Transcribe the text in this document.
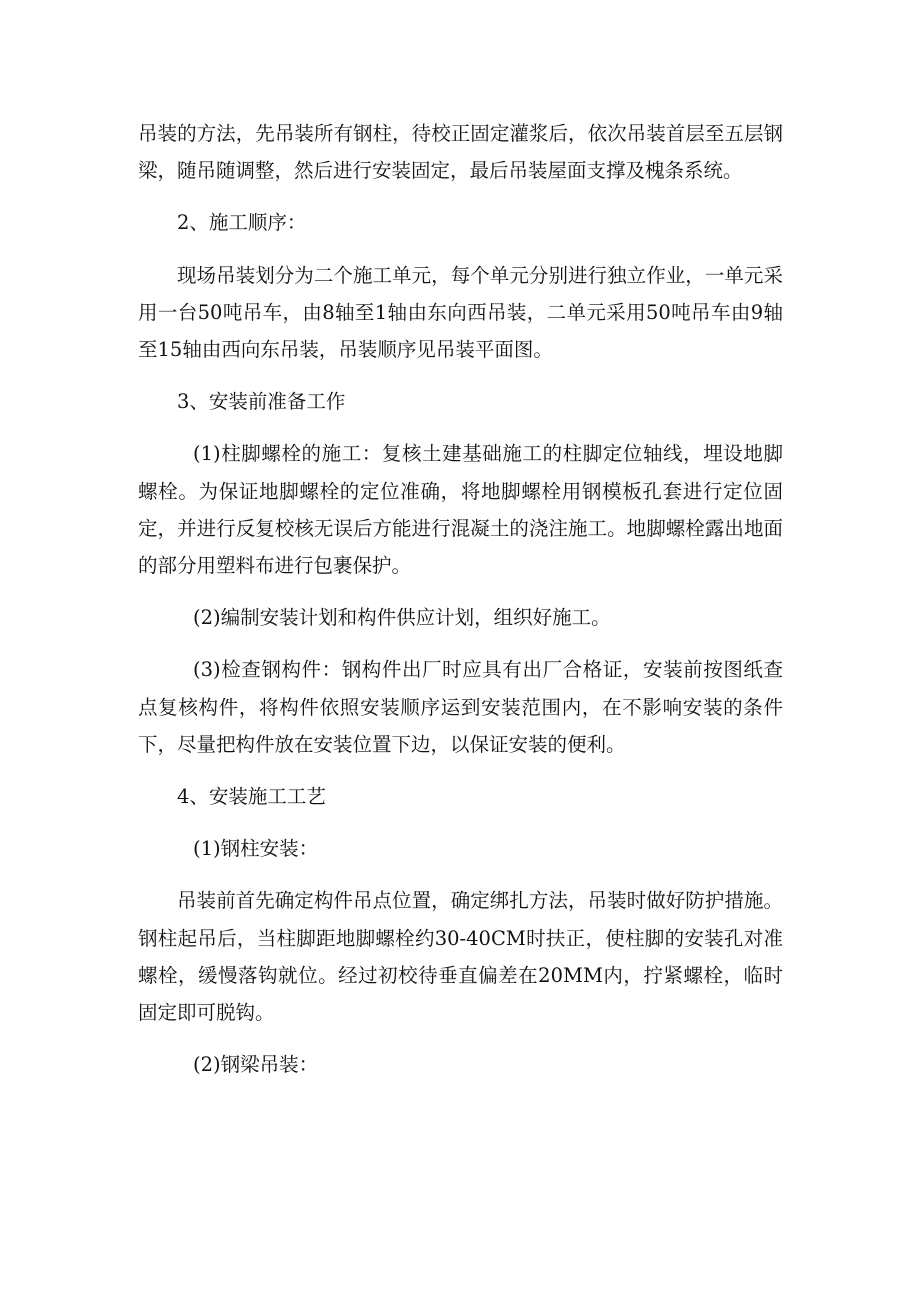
吊装的方法，先吊装所有钢柱，待校正固定灌浆后，依次吊装首层至五层钢梁，随吊随调整，然后进行安装固定，最后吊装屋面支撑及槐条系统。

2、施工顺序：

现场吊装划分为二个施工单元，每个单元分别进行独立作业，一单元采用一台50吨吊车，由8轴至1轴由东向西吊装，二单元采用50吨吊车由9轴至15轴由西向东吊装，吊装顺序见吊装平面图。

3、安装前准备工作

(1)柱脚螺栓的施工：复核土建基础施工的柱脚定位轴线，埋设地脚螺栓。为保证地脚螺栓的定位准确，将地脚螺栓用钢模板孔套进行定位固定，并进行反复校核无误后方能进行混凝土的浇注施工。地脚螺栓露出地面的部分用塑料布进行包裹保护。

(2)编制安装计划和构件供应计划，组织好施工。

(3)检查钢构件：钢构件出厂时应具有出厂合格证，安装前按图纸查点复核构件，将构件依照安装顺序运到安装范围内，在不影响安装的条件下，尽量把构件放在安装位置下边，以保证安装的便利。

4、安装施工工艺

(1)钢柱安装：

吊装前首先确定构件吊点位置，确定绑扎方法，吊装时做好防护措施。钢柱起吊后，当柱脚距地脚螺栓约30-40CM时扶正，使柱脚的安装孔对准螺栓，缓慢落钩就位。经过初校待垂直偏差在20MM内，拧紧螺栓，临时固定即可脱钩。

(2)钢梁吊装：
